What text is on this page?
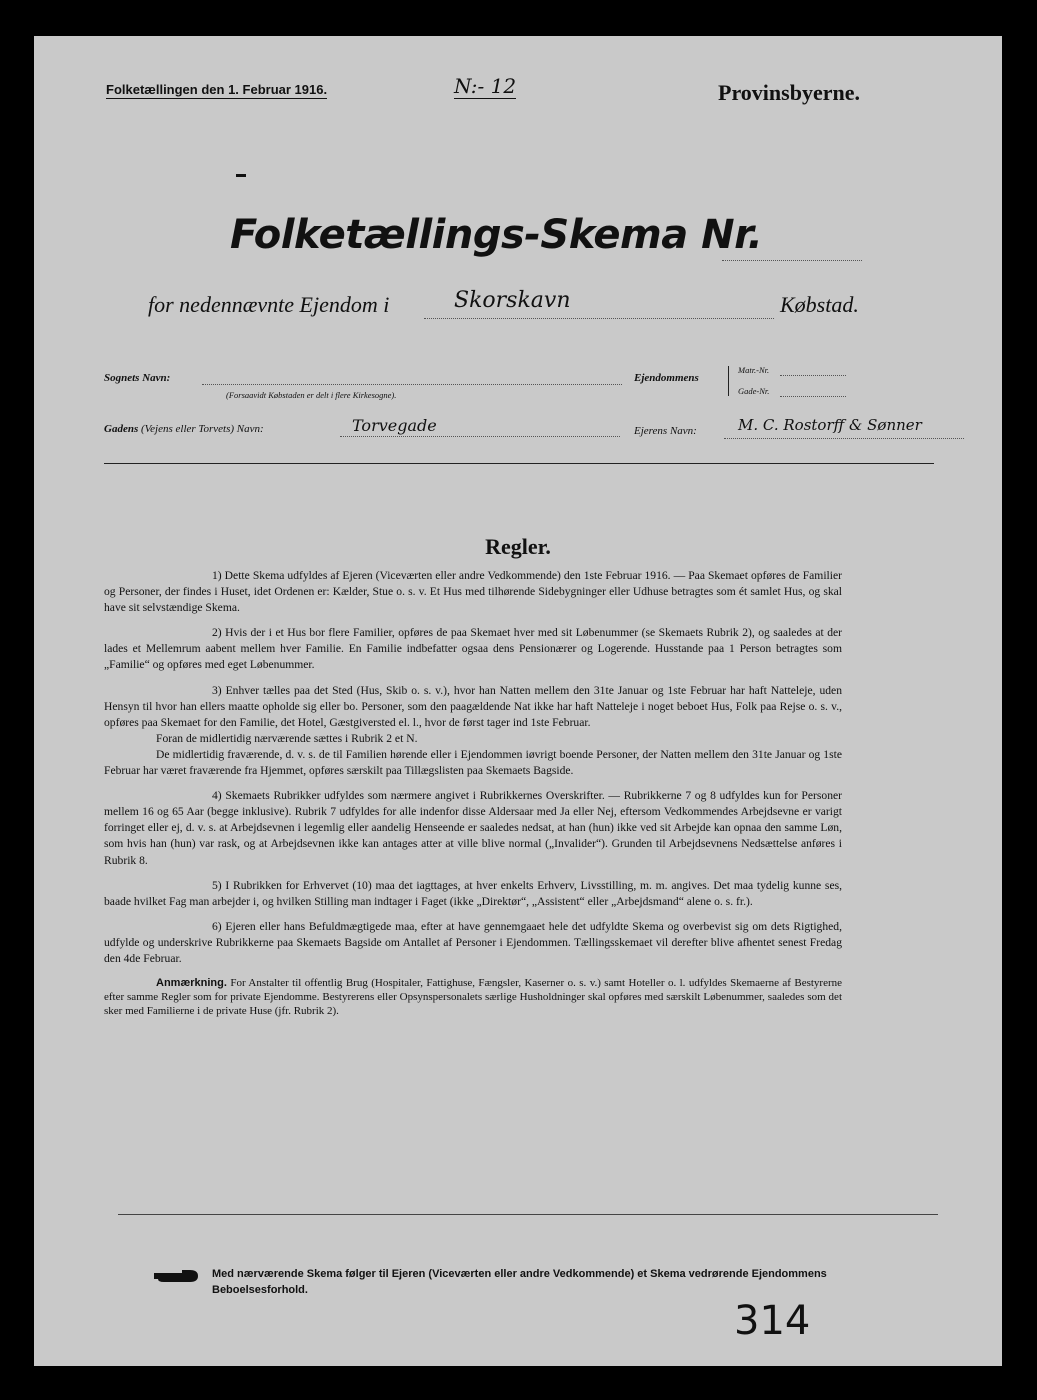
Folketællingen den 1. Februar 1916.	N:- 12	Provinsbyerne.
Folketællings-Skema Nr.
for nedennævnte Ejendom i	Skorskavn	Købstad.
Sognets Navn:
(Forsaavidt Købstaden er delt i flere Kirkesogne).
Ejendommens
Matr.-Nr.
Gade-Nr.
Gadens (Vejens eller Torvets) Navn:	Torvegade	Ejerens Navn:	M. C. Rostorff & Sønner
Regler.

1) Dette Skema udfyldes af Ejeren (Viceværten eller andre Vedkommende) den 1ste Februar 1916. — Paa Skemaet opføres de Familier og Personer, der findes i Huset, idet Ordenen er: Kælder, Stue o. s. v. Et Hus med tilhørende Sidebygninger eller Udhuse betragtes som ét samlet Hus, og skal have sit selvstændige Skema.

2) Hvis der i et Hus bor flere Familier, opføres de paa Skemaet hver med sit Løbenummer (se Skemaets Rubrik 2), og saaledes at der lades et Mellemrum aabent mellem hver Familie. En Familie indbefatter ogsaa dens Pensionærer og Logerende. Husstande paa 1 Person betragtes som „Familie“ og opføres med eget Løbenummer.

3) Enhver tælles paa det Sted (Hus, Skib o. s. v.), hvor han Natten mellem den 31te Januar og 1ste Februar har haft Natteleje, uden Hensyn til hvor han ellers maatte opholde sig eller bo. Personer, som den paagældende Nat ikke har haft Natteleje i noget beboet Hus, Folk paa Rejse o. s. v., opføres paa Skemaet for den Familie, det Hotel, Gæstgiversted el. l., hvor de først tager ind 1ste Februar.

Foran de midlertidig nærværende sættes i Rubrik 2 et N.

De midlertidig fraværende, d. v. s. de til Familien hørende eller i Ejendommen iøvrigt boende Personer, der Natten mellem den 31te Januar og 1ste Februar har været fraværende fra Hjemmet, opføres særskilt paa Tillægslisten paa Skemaets Bagside.

4) Skemaets Rubrikker udfyldes som nærmere angivet i Rubrikkernes Overskrifter. — Rubrikkerne 7 og 8 udfyldes kun for Personer mellem 16 og 65 Aar (begge inklusive). Rubrik 7 udfyldes for alle indenfor disse Aldersaar med Ja eller Nej, eftersom Vedkommendes Arbejdsevne er varigt forringet eller ej, d. v. s. at Arbejdsevnen i legemlig eller aandelig Henseende er saaledes nedsat, at han (hun) ikke ved sit Arbejde kan opnaa den samme Løn, som hvis han (hun) var rask, og at Arbejdsevnen ikke kan antages atter at ville blive normal („Invalider“). Grunden til Arbejdsevnens Nedsættelse anføres i Rubrik 8.

5) I Rubrikken for Erhvervet (10) maa det iagttages, at hver enkelts Erhverv, Livsstilling, m. m. angives. Det maa tydelig kunne ses, baade hvilket Fag man arbejder i, og hvilken Stilling man indtager i Faget (ikke „Direktør“, „Assistent“ eller „Arbejdsmand“ alene o. s. fr.).

6) Ejeren eller hans Befuldmægtigede maa, efter at have gennemgaaet hele det udfyldte Skema og overbevist sig om dets Rigtighed, udfylde og underskrive Rubrikkerne paa Skemaets Bagside om Antallet af Personer i Ejendommen. Tællingsskemaet vil derefter blive afhentet senest Fredag den 4de Februar.

Anmærkning. For Anstalter til offentlig Brug (Hospitaler, Fattighuse, Fængsler, Kaserner o. s. v.) samt Hoteller o. l. udfyldes Skemaerne af Bestyrerne efter samme Regler som for private Ejendomme. Bestyrerens eller Opsynspersonalets særlige Husholdninger skal opføres med særskilt Løbenummer, saaledes som det sker med Familierne i de private Huse (jfr. Rubrik 2).

Med nærværende Skema følger til Ejeren (Viceværten eller andre Vedkommende) et Skema vedrørende Ejendommens Beboelsesforhold.
314
